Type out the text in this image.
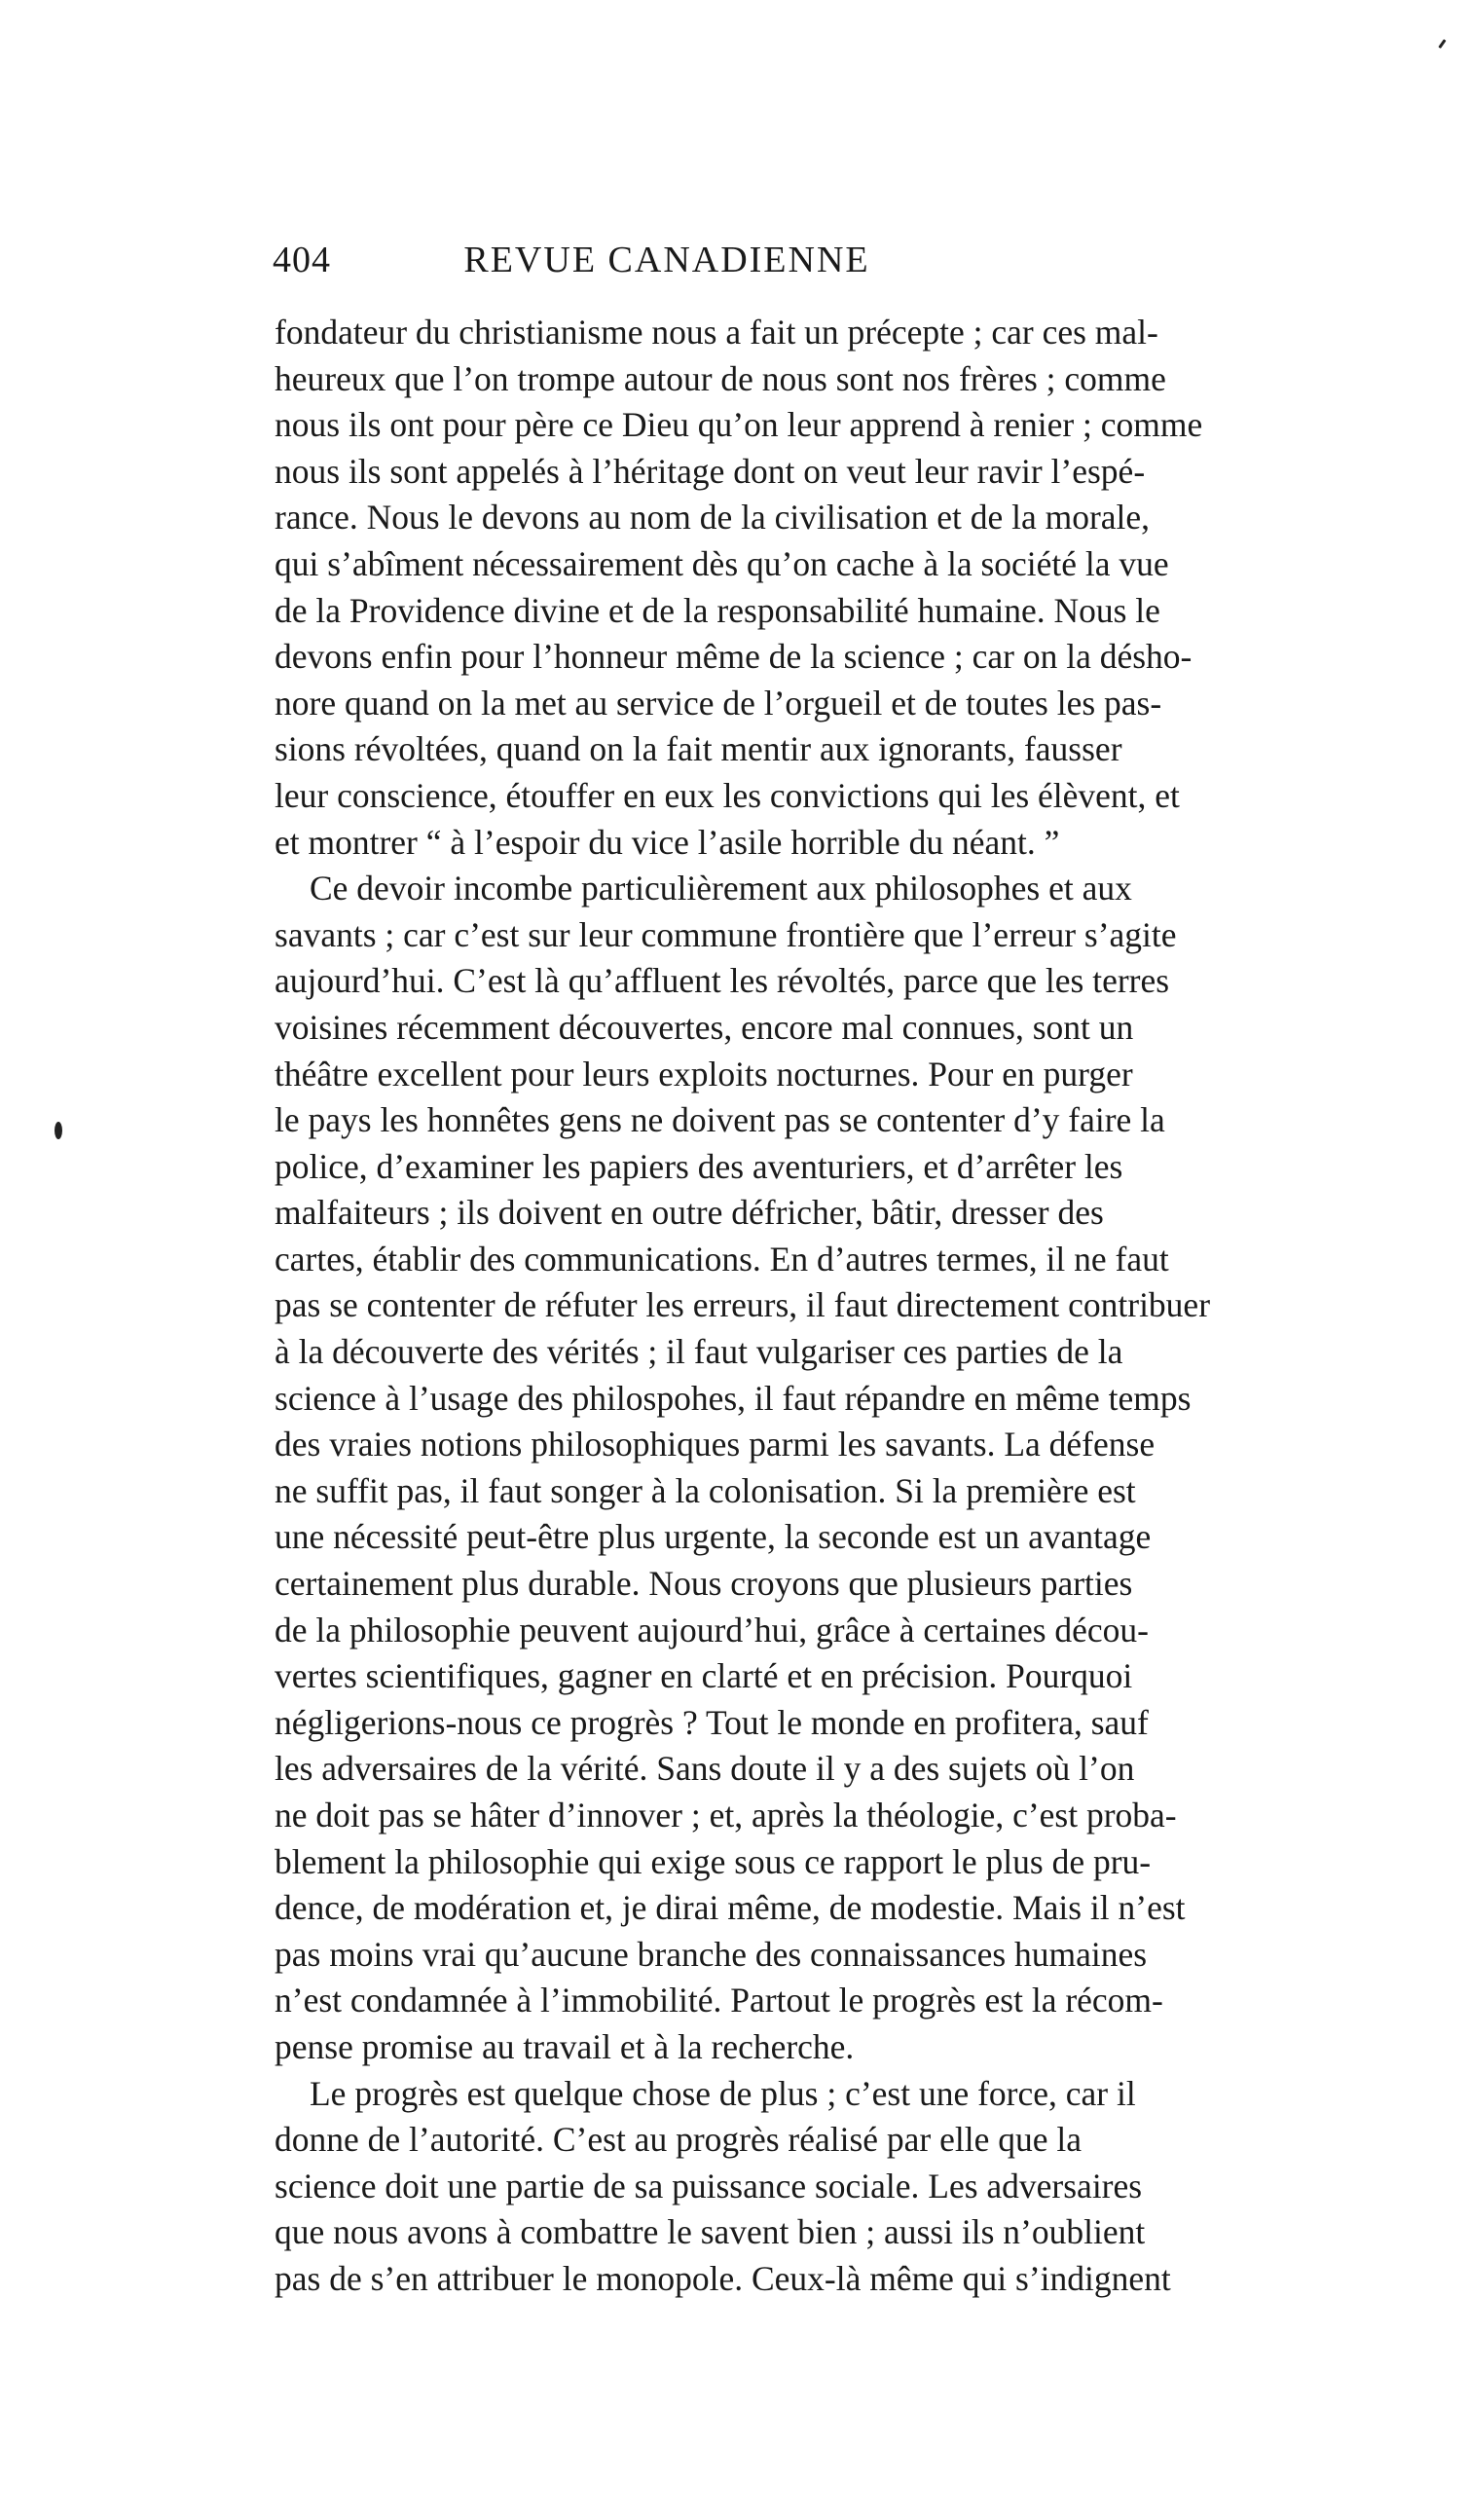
404	REVUE CANADIENNE
fondateur du christianisme nous a fait un précepte ; car ces mal-
heureux que l’on trompe autour de nous sont nos frères ; comme
nous ils ont pour père ce Dieu qu’on leur apprend à renier ; comme
nous ils sont appelés à l’héritage dont on veut leur ravir l’espé-
rance. Nous le devons au nom de la civilisation et de la morale,
qui s’abîment nécessairement dès qu’on cache à la société la vue
de la Providence divine et de la responsabilité humaine. Nous le
devons enfin pour l’honneur même de la science ; car on la désho-
nore quand on la met au service de l’orgueil et de toutes les pas-
sions révoltées, quand on la fait mentir aux ignorants, fausser
leur conscience, étouffer en eux les convictions qui les élèvent, et
et montrer “ à l’espoir du vice l’asile horrible du néant. ”
Ce devoir incombe particulièrement aux philosophes et aux
savants ; car c’est sur leur commune frontière que l’erreur s’agite
aujourd’hui. C’est là qu’affluent les révoltés, parce que les terres
voisines récemment découvertes, encore mal connues, sont un
théâtre excellent pour leurs exploits nocturnes. Pour en purger
le pays les honnêtes gens ne doivent pas se contenter d’y faire la
police, d’examiner les papiers des aventuriers, et d’arrêter les
malfaiteurs ; ils doivent en outre défricher, bâtir, dresser des
cartes, établir des communications. En d’autres termes, il ne faut
pas se contenter de réfuter les erreurs, il faut directement contribuer
à la découverte des vérités ; il faut vulgariser ces parties de la
science à l’usage des philospohes, il faut répandre en même temps
des vraies notions philosophiques parmi les savants. La défense
ne suffit pas, il faut songer à la colonisation. Si la première est
une nécessité peut-être plus urgente, la seconde est un avantage
certainement plus durable. Nous croyons que plusieurs parties
de la philosophie peuvent aujourd’hui, grâce à certaines décou-
vertes scientifiques, gagner en clarté et en précision. Pourquoi
négligerions-nous ce progrès ? Tout le monde en profitera, sauf
les adversaires de la vérité. Sans doute il y a des sujets où l’on
ne doit pas se hâter d’innover ; et, après la théologie, c’est proba-
blement la philosophie qui exige sous ce rapport le plus de pru-
dence, de modération et, je dirai même, de modestie. Mais il n’est
pas moins vrai qu’aucune branche des connaissances humaines
n’est condamnée à l’immobilité. Partout le progrès est la récom-
pense promise au travail et à la recherche.
Le progrès est quelque chose de plus ; c’est une force, car il
donne de l’autorité. C’est au progrès réalisé par elle que la
science doit une partie de sa puissance sociale. Les adversaires
que nous avons à combattre le savent bien ; aussi ils n’oublient
pas de s’en attribuer le monopole. Ceux-là même qui s’indignent
